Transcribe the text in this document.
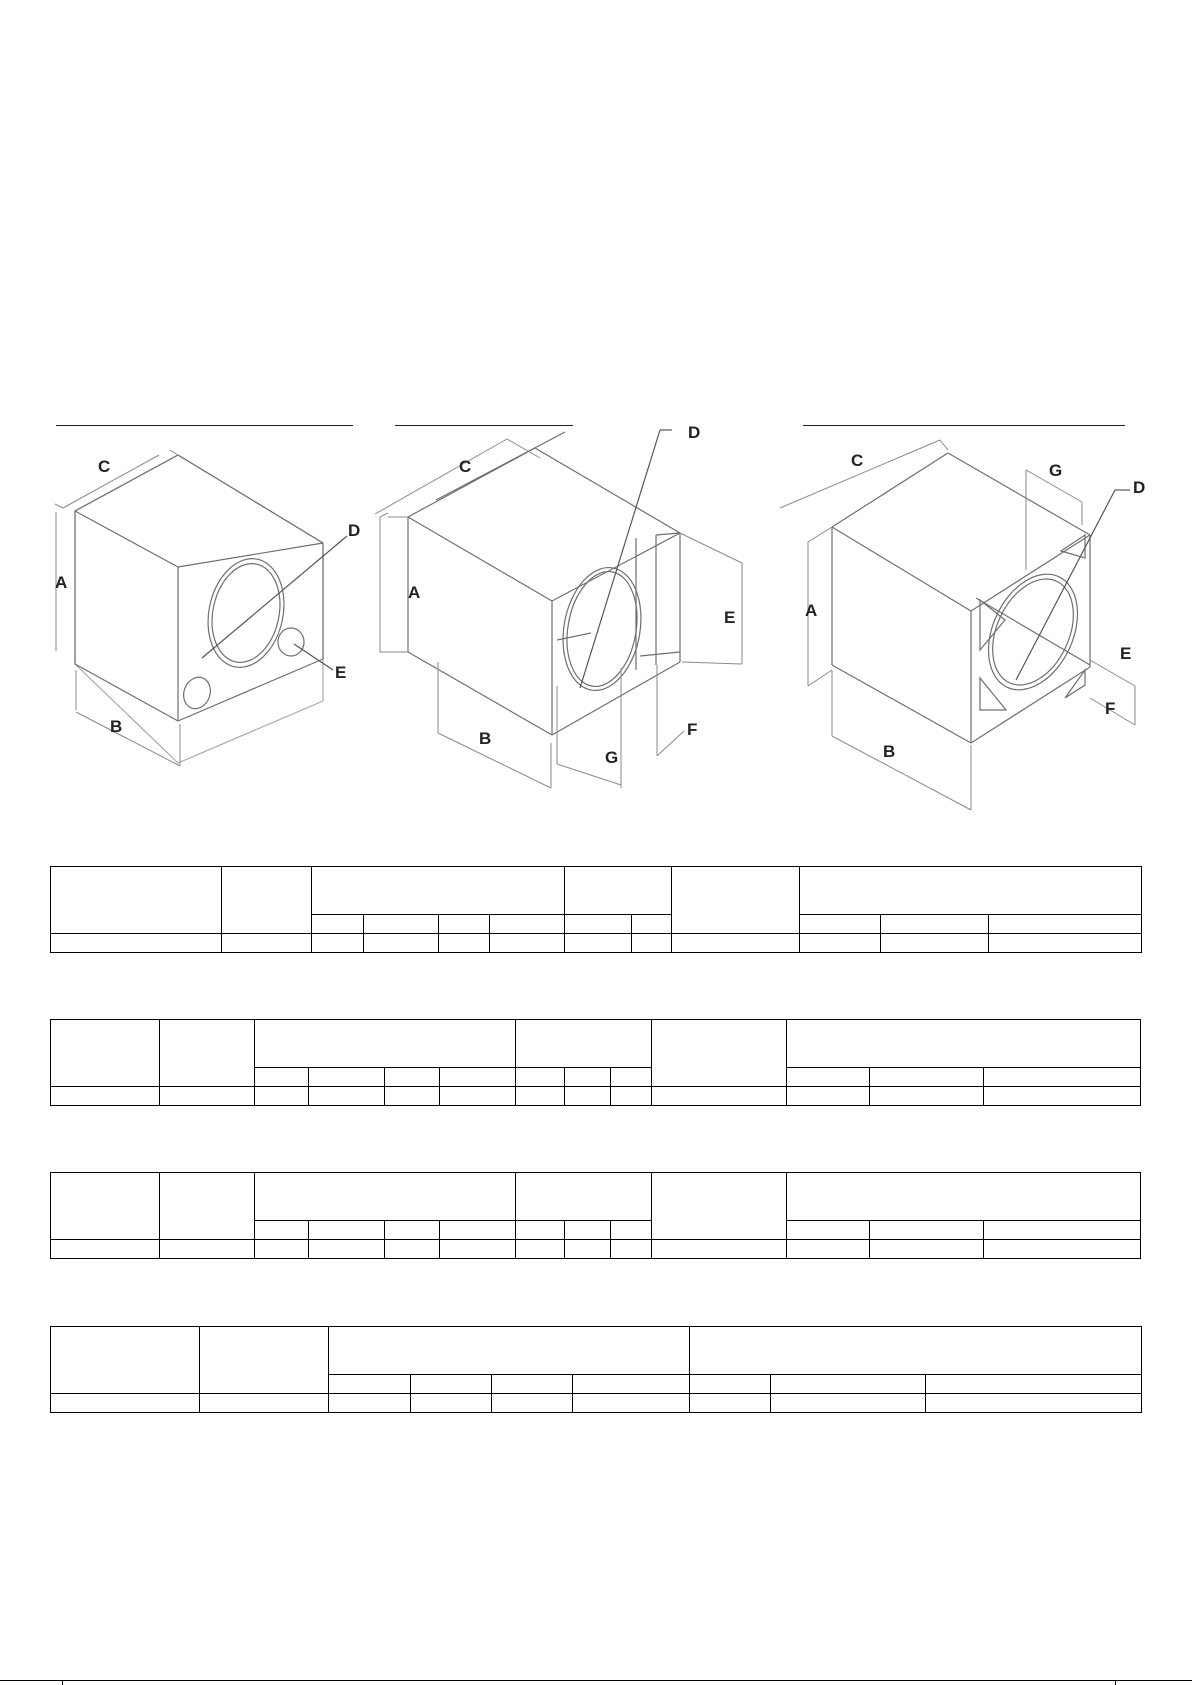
C
A
D
E
B
C
A
D
E
B
G
F
C
G
D
A
E
F
B
